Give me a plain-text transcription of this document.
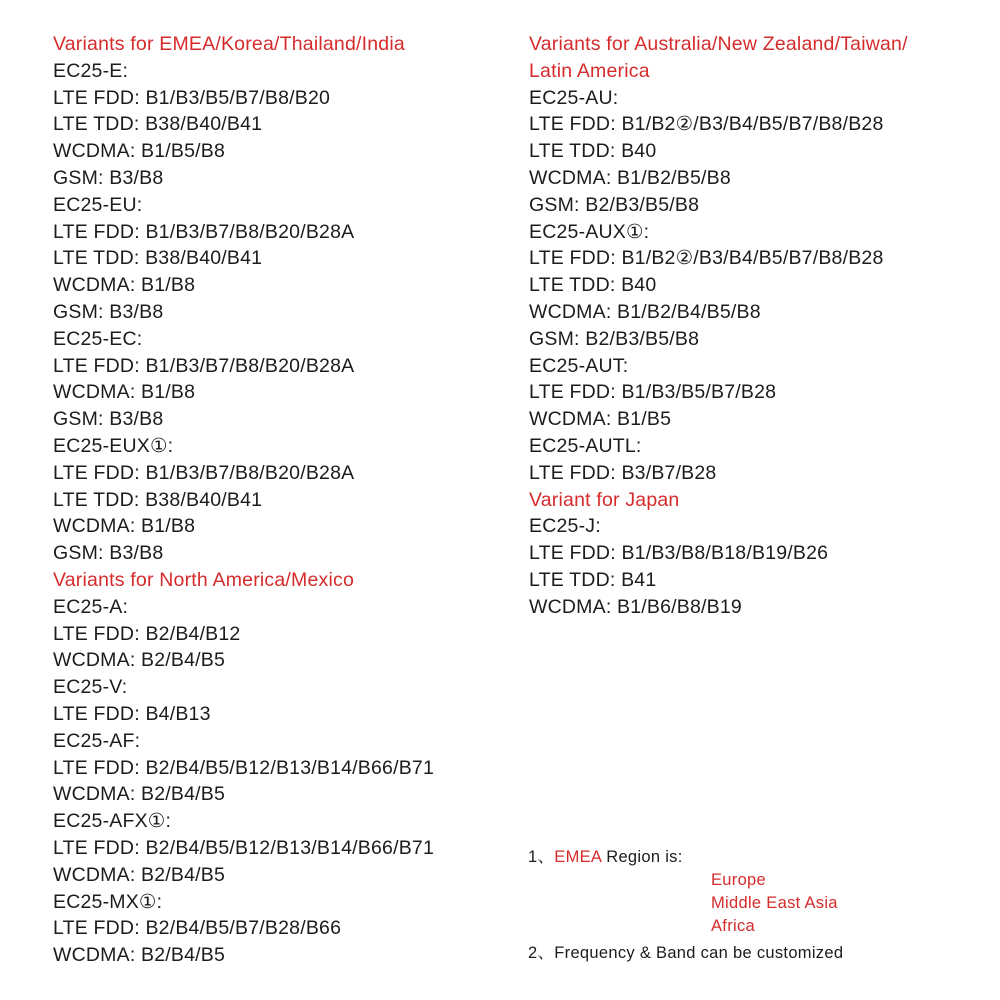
Variants for EMEA/Korea/Thailand/India
EC25-E:
LTE FDD: B1/B3/B5/B7/B8/B20
LTE TDD: B38/B40/B41
WCDMA: B1/B5/B8
GSM: B3/B8
EC25-EU:
LTE FDD: B1/B3/B7/B8/B20/B28A
LTE TDD: B38/B40/B41
WCDMA: B1/B8
GSM: B3/B8
EC25-EC:
LTE FDD: B1/B3/B7/B8/B20/B28A
WCDMA: B1/B8
GSM: B3/B8
EC25-EUX①:
LTE FDD: B1/B3/B7/B8/B20/B28A
LTE TDD: B38/B40/B41
WCDMA: B1/B8
GSM: B3/B8
Variants for North America/Mexico
EC25-A:
LTE FDD: B2/B4/B12
WCDMA: B2/B4/B5
EC25-V:
LTE FDD: B4/B13
EC25-AF:
LTE FDD: B2/B4/B5/B12/B13/B14/B66/B71
WCDMA: B2/B4/B5
EC25-AFX①:
LTE FDD: B2/B4/B5/B12/B13/B14/B66/B71
WCDMA: B2/B4/B5
EC25-MX①:
LTE FDD: B2/B4/B5/B7/B28/B66
WCDMA: B2/B4/B5
Variants for Australia/New Zealand/Taiwan/
Latin America
EC25-AU:
LTE FDD: B1/B2②/B3/B4/B5/B7/B8/B28
LTE TDD: B40
WCDMA: B1/B2/B5/B8
GSM: B2/B3/B5/B8
EC25-AUX①:
LTE FDD: B1/B2②/B3/B4/B5/B7/B8/B28
LTE TDD: B40
WCDMA: B1/B2/B4/B5/B8
GSM: B2/B3/B5/B8
EC25-AUT:
LTE FDD: B1/B3/B5/B7/B28
WCDMA: B1/B5
EC25-AUTL:
LTE FDD: B3/B7/B28
Variant for Japan
EC25-J:
LTE FDD: B1/B3/B8/B18/B19/B26
LTE TDD: B41
WCDMA: B1/B6/B8/B19
1、EMEA Region is:
Europe
Middle East Asia
Africa
2、Frequency & Band can be customized
